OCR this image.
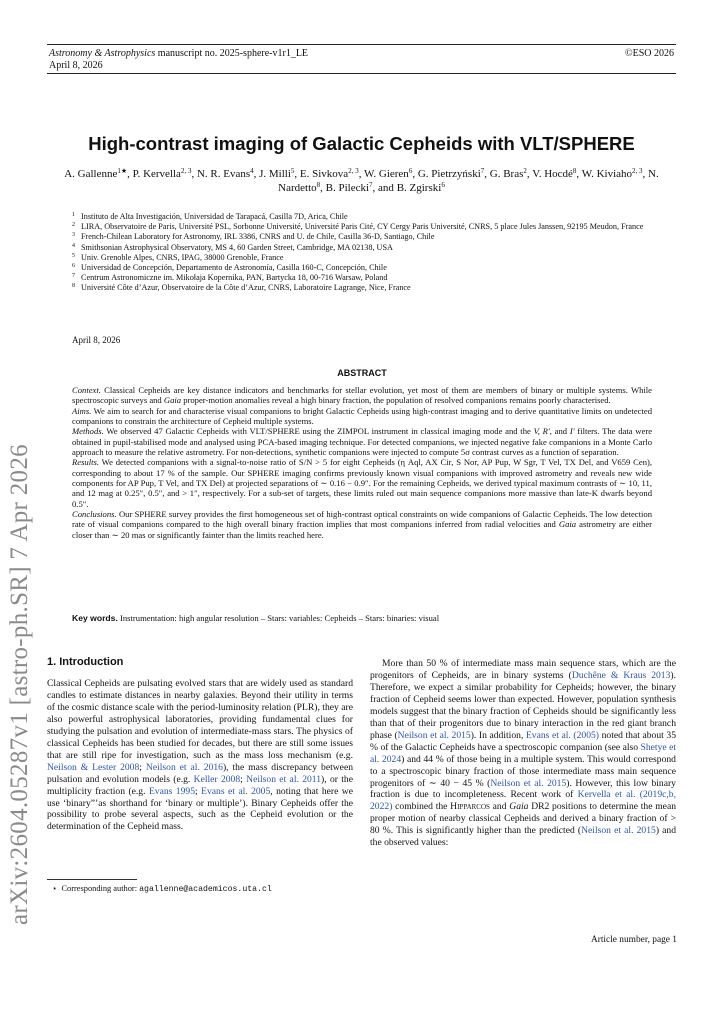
Astronomy & Astrophysics manuscript no. 2025-sphere-v1r1_LE
April 8, 2026
©ESO 2026
arXiv:2604.05287v1 [astro-ph.SR] 7 Apr 2026
High-contrast imaging of Galactic Cepheids with VLT/SPHERE
A. Gallenne$^{1★}$, P. Kervella$^{2, 3}$, N. R. Evans$^4$, J. Milli$^5$, E. Sivkova$^{2, 3}$, W. Gieren$^6$, G. Pietrzyński$^7$, G. Bras$^2$, V. Hocdé$^8$, W. Kiviaho$^{2, 3}$, N. Nardetto$^8$, B. Pilecki$^7$, and B. Zgirski$^6$
1 Instituto de Alta Investigación, Universidad de Tarapacá, Casilla 7D, Arica, Chile
2 LIRA, Observatoire de Paris, Université PSL, Sorbonne Université, Université Paris Cité, CY Cergy Paris Université, CNRS, 5 place Jules Janssen, 92195 Meudon, France
3 French-Chilean Laboratory for Astronomy, IRL 3386, CNRS and U. de Chile, Casilla 36-D, Santiago, Chile
4 Smithsonian Astrophysical Observatory, MS 4, 60 Garden Street, Cambridge, MA 02138, USA
5 Univ. Grenoble Alpes, CNRS, IPAG, 38000 Grenoble, France
6 Universidad de Concepción, Departamento de Astronomía, Casilla 160-C, Concepción, Chile
7 Centrum Astronomiczne im. Mikołaja Kopernika, PAN, Bartycka 18, 00-716 Warsaw, Poland
8 Université Côte d’Azur, Observatoire de la Côte d’Azur, CNRS, Laboratoire Lagrange, Nice, France
April 8, 2026
ABSTRACT

Context. Classical Cepheids are key distance indicators and benchmarks for stellar evolution, yet most of them are members of binary or multiple systems. While spectroscopic surveys and Gaia proper-motion anomalies reveal a high binary fraction, the population of resolved companions remains poorly characterised.

Aims. We aim to search for and characterise visual companions to bright Galactic Cepheids using high-contrast imaging and to derive quantitative limits on undetected companions to constrain the architecture of Cepheid multiple systems.

Methods. We observed 47 Galactic Cepheids with VLT/SPHERE using the ZIMPOL instrument in classical imaging mode and the V, R′, and I′ filters. The data were obtained in pupil-stabilised mode and analysed using PCA-based imaging technique. For detected companions, we injected negative fake companions in a Monte Carlo approach to measure the relative astrometry. For non-detections, synthetic companions were injected to compute 5σ contrast curves as a function of separation.

Results. We detected companions with a signal-to-noise ratio of S/N > 5 for eight Cepheids (η Aql, AX Cir, S Nor, AP Pup, W Sgr, T Vel, TX Del, and V659 Cen), corresponding to about 17 % of the sample. Our SPHERE imaging confirms previously known visual companions with improved astrometry and reveals new wide components for AP Pup, T Vel, and TX Del) at projected separations of ∼ 0.16 − 0.9″. For the remaining Cepheids, we derived typical maximum contrasts of ∼ 10, 11, and 12 mag at 0.25″, 0.5″, and > 1″, respectively. For a sub-set of targets, these limits ruled out main sequence companions more massive than late-K dwarfs beyond 0.5″.

Conclusions. Our SPHERE survey provides the first homogeneous set of high-contrast optical constraints on wide companions of Galactic Cepheids. The low detection rate of visual companions compared to the high overall binary fraction implies that most companions inferred from radial velocities and Gaia astrometry are either closer than ∼ 20 mas or significantly fainter than the limits reached here.

Key words. Instrumentation: high angular resolution – Stars: variables: Cepheids – Stars: binaries: visual
1. Introduction

Classical Cepheids are pulsating evolved stars that are widely used as standard candles to estimate distances in nearby galaxies. Beyond their utility in terms of the cosmic distance scale with the period-luminosity relation (PLR), they are also powerful astrophysical laboratories, providing fundamental clues for studying the pulsation and evolution of intermediate-mass stars. The physics of classical Cepheids has been studied for decades, but there are still some issues that are still ripe for investigation, such as the mass loss mechanism (e.g. Neilson & Lester 2008; Neilson et al. 2016), the mass discrepancy between pulsation and evolution models (e.g. Keller 2008; Neilson et al. 2011), or the multiplicity fraction (e.g. Evans 1995; Evans et al. 2005, noting that here we use ‘binary”’as shorthand for ‘binary or multiple’). Binary Cepheids offer the possibility to probe several aspects, such as the Cepheid evolution or the determination of the Cepheid mass.

More than 50 % of intermediate mass main sequence stars, which are the progenitors of Cepheids, are in binary systems (Duchêne & Kraus 2013). Therefore, we expect a similar probability for Cepheids; however, the binary fraction of Cepheid seems lower than expected. However, population synthesis models suggest that the binary fraction of Cepheids should be significantly less than that of their progenitors due to binary interaction in the red giant branch phase (Neilson et al. 2015). In addition, Evans et al. (2005) noted that about 35 % of the Galactic Cepheids have a spectroscopic companion (see also Shetye et al. 2024) and 44 % of those being in a multiple system. This would correspond to a spectroscopic binary fraction of those intermediate mass main sequence progenitors of ∼ 40 − 45 % (Neilson et al. 2015). However, this low binary fraction is due to incompleteness. Recent work of Kervella et al. (2019c,b, 2022) combined the Hipparcos and Gaia DR2 positions to determine the mean proper motion of nearby classical Cepheids and derived a binary fraction of > 80 %. This is significantly higher than the predicted (Neilson et al. 2015) and the observed values:

⋆ Corresponding author: agallenne@academicos.uta.cl
Article number, page 1
